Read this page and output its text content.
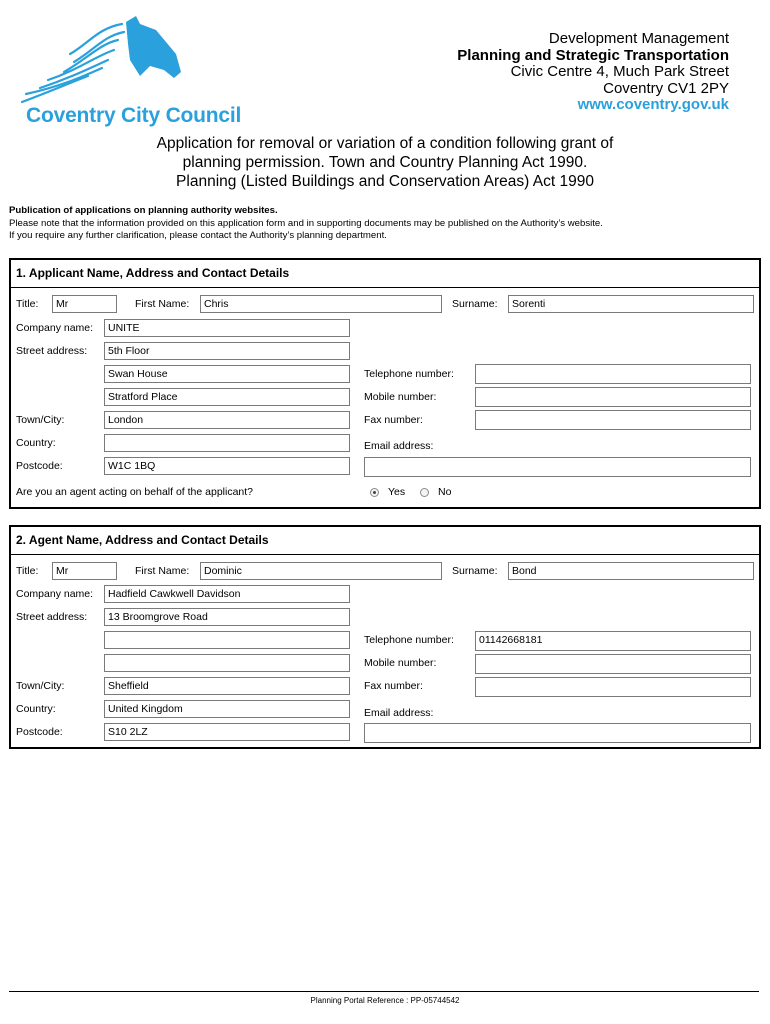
Coventry City Council
Development Management
Planning and Strategic Transportation
Civic Centre 4, Much Park Street
Coventry CV1 2PY
www.coventry.gov.uk
Application for removal or variation of a condition following grant of
planning permission. Town and Country Planning Act 1990.
Planning (Listed Buildings and Conservation Areas) Act 1990
Publication of applications on planning authority websites.
Please note that the information provided on this application form and in supporting documents may be published on the Authority’s website.
If you require any further clarification, please contact the Authority’s planning department.
1. Applicant Name, Address and Contact Details
Title:	Mr	First Name:	Chris	Surname:	Sorenti
Company name:	UNITE
Street address:	5th Floor
Swan House
Stratford Place
Town/City:	London
Country:
Postcode:	W1C 1BQ
Telephone number:
Mobile number:
Fax number:
Email address:
Are you an agent acting on behalf of the applicant?	Yes	No
2. Agent Name, Address and Contact Details
Title:	Mr	First Name:	Dominic	Surname:	Bond
Company name:	Hadfield Cawkwell Davidson
Street address:	13 Broomgrove Road
Town/City:	Sheffield
Country:	United Kingdom
Postcode:	S10 2LZ
Telephone number:	01142668181
Mobile number:
Fax number:
Email address:
Planning Portal Reference : PP-05744542
